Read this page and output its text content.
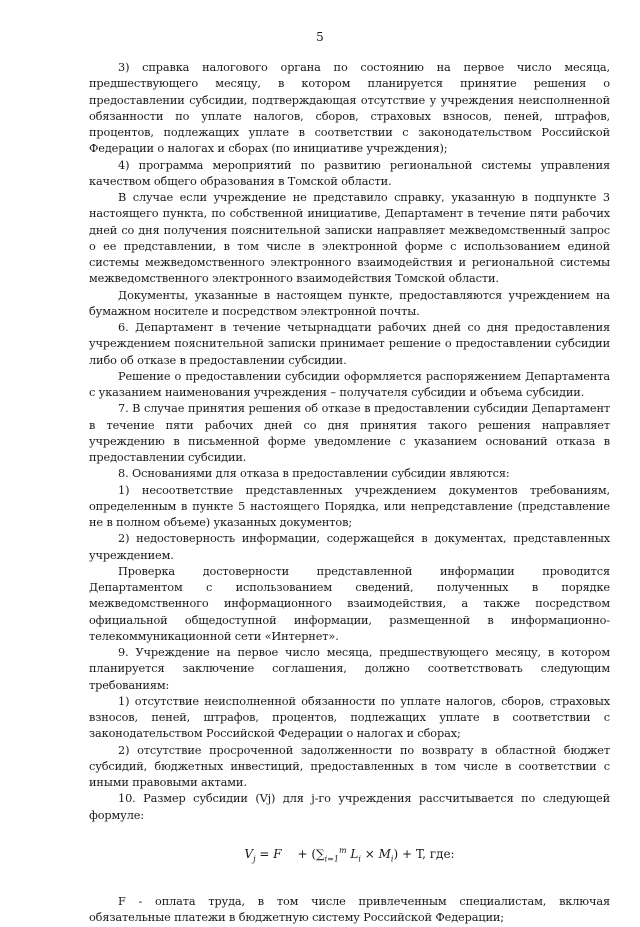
5

3) справка налогового органа по состоянию на первое число месяца, предшествующего месяцу, в котором планируется принятие решения о предоставлении субсидии, подтверждающая отсутствие у учреждения неисполненной обязанности по уплате налогов, сборов, страховых взносов, пеней, штрафов, процентов, подлежащих уплате в соответствии с законодательством Российской Федерации о налогах и сборах (по инициативе учреждения);

4) программа мероприятий по развитию региональной системы управления качеством общего образования в Томской области.

В случае если учреждение не представило справку, указанную в подпункте 3 настоящего пункта, по собственной инициативе, Департамент в течение пяти рабочих дней со дня получения пояснительной записки направляет межведомственный запрос о ее представлении, в том числе в электронной форме с использованием единой системы межведомственного электронного взаимодействия и региональной системы межведомственного электронного взаимодействия Томской области.

Документы, указанные в настоящем пункте, предоставляются учреждением на бумажном носителе и посредством электронной почты.

6. Департамент в течение четырнадцати рабочих дней со дня предоставления учреждением пояснительной записки принимает решение о предоставлении субсидии либо об отказе в предоставлении субсидии.

Решение о предоставлении субсидии оформляется распоряжением Департамента с указанием наименования учреждения – получателя субсидии и объема субсидии.

7. В случае принятия решения об отказе в предоставлении субсидии Департамент в течение пяти рабочих дней со дня принятия такого решения направляет учреждению в письменной форме уведомление с указанием оснований отказа в предоставлении субсидии.

8. Основаниями для отказа в предоставлении субсидии являются:

1) несоответствие представленных учреждением документов требованиям, определенным в пункте 5 настоящего Порядка, или непредставление (представление не в полном объеме) указанных документов;

2) недостоверность информации, содержащейся в документах, представленных учреждением.

Проверка достоверности представленной информации проводится Департаментом с использованием сведений, полученных в порядке межведомственного информационного взаимодействия, а также посредством официальной общедоступной информации, размещенной в информационно-телекоммуникационной сети «Интернет».

9. Учреждение на первое число месяца, предшествующего месяцу, в котором планируется заключение соглашения, должно соответствовать следующим требованиям:

1) отсутствие неисполненной обязанности по уплате налогов, сборов, страховых взносов, пеней, штрафов, процентов, подлежащих уплате в соответствии с законодательством Российской Федерации о налогах и сборах;

2) отсутствие просроченной задолженности по возврату в областной бюджет субсидий, бюджетных инвестиций, предоставленных в том числе в соответствии с иными правовыми актами.

10. Размер субсидии (Vj) для j-го учреждения рассчитывается по следующей формуле:

$V_j = F + (\sum_{i=1}^m$ $L_i \times M_i) + T$, где:

F - оплата труда, в том числе привлеченным специалистам, включая обязательные платежи в бюджетную систему Российской Федерации;
